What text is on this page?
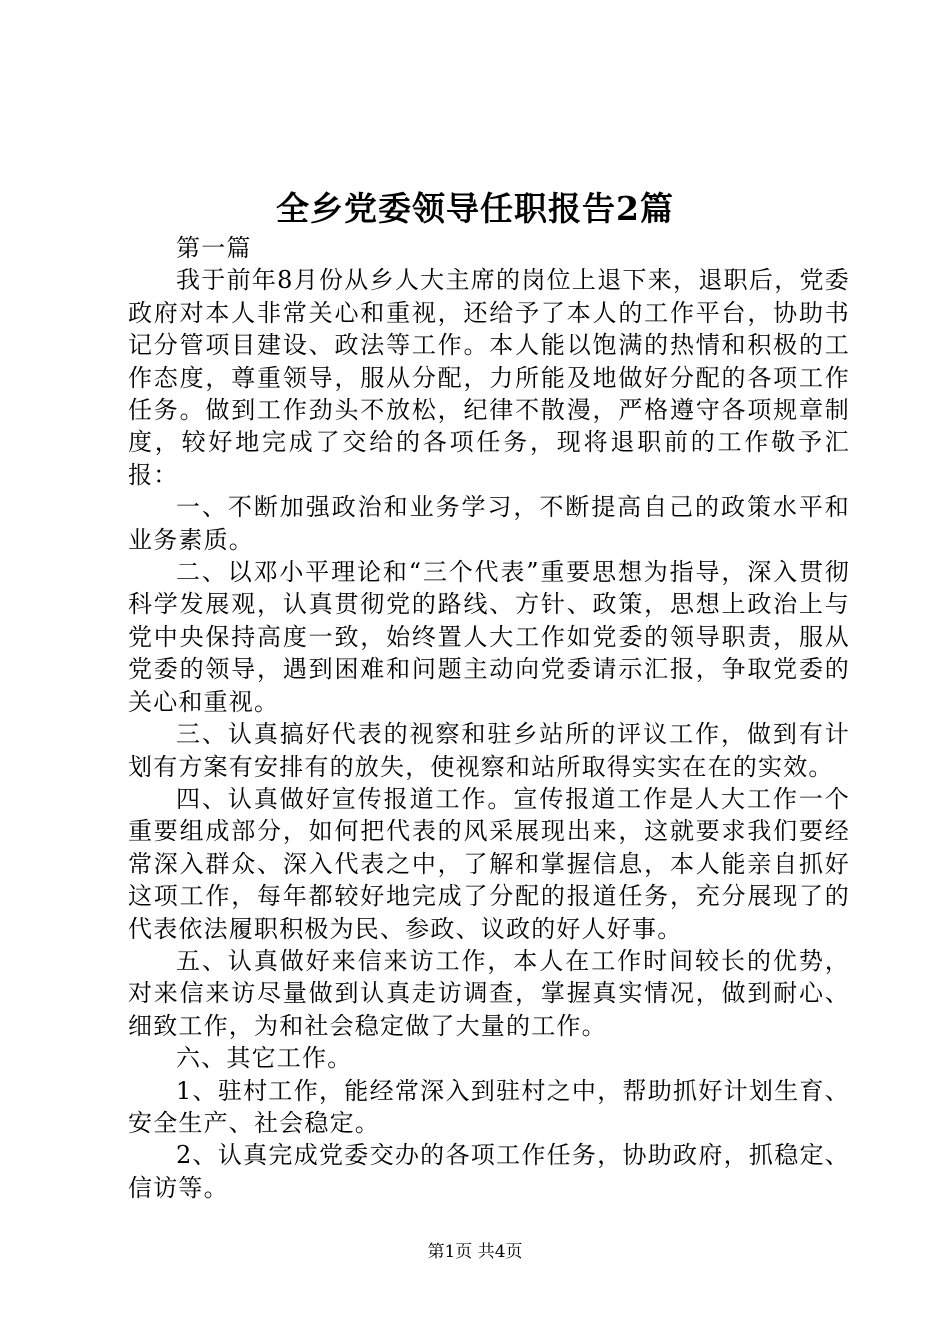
全乡党委领导任职报告2篇

第一篇

我于前年8月份从乡人大主席的岗位上退下来，退职后，党委政府对本人非常关心和重视，还给予了本人的工作平台，协助书记分管项目建设、政法等工作。本人能以饱满的热情和积极的工作态度，尊重领导，服从分配，力所能及地做好分配的各项工作任务。做到工作劲头不放松，纪律不散漫，严格遵守各项规章制度，较好地完成了交给的各项任务，现将退职前的工作敬予汇报：

一、不断加强政治和业务学习，不断提高自己的政策水平和业务素质。

二、以邓小平理论和“三个代表”重要思想为指导，深入贯彻科学发展观，认真贯彻党的路线、方针、政策，思想上政治上与党中央保持高度一致，始终置人大工作如党委的领导职责，服从党委的领导，遇到困难和问题主动向党委请示汇报，争取党委的关心和重视。

三、认真搞好代表的视察和驻乡站所的评议工作，做到有计划有方案有安排有的放失，使视察和站所取得实实在在的实效。

四、认真做好宣传报道工作。宣传报道工作是人大工作一个重要组成部分，如何把代表的风采展现出来，这就要求我们要经常深入群众、深入代表之中，了解和掌握信息，本人能亲自抓好这项工作，每年都较好地完成了分配的报道任务，充分展现了的代表依法履职积极为民、参政、议政的好人好事。

五、认真做好来信来访工作，本人在工作时间较长的优势，对来信来访尽量做到认真走访调查，掌握真实情况，做到耐心、细致工作，为和社会稳定做了大量的工作。

六、其它工作。

1、驻村工作，能经常深入到驻村之中，帮助抓好计划生育、安全生产、社会稳定。

2、认真完成党委交办的各项工作任务，协助政府，抓稳定、信访等。

第1页 共4页
